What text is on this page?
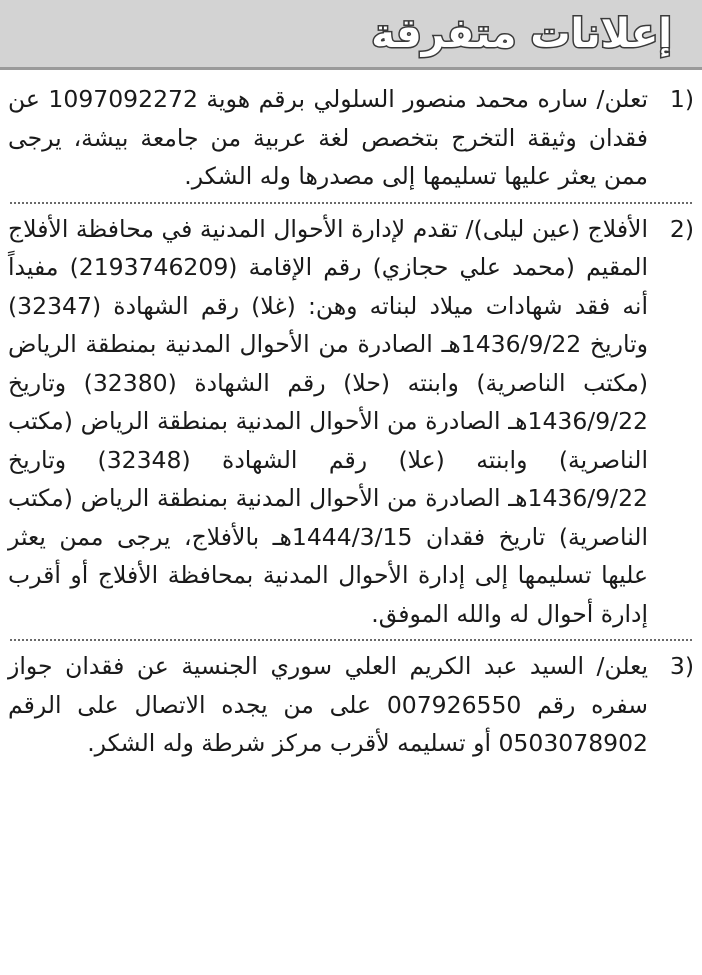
إعلانات متفرقة
1)
تعلن/ ساره محمد منصور السلولي برقم هوية 1097092272 عن فقدان وثيقة التخرج بتخصص لغة عربية من جامعة بيشة، يرجى ممن يعثر عليها تسليمها إلى مصدرها وله الشكر.
2)
الأفلاج (عين ليلى)/ تقدم لإدارة الأحوال المدنية في محافظة الأفلاج المقيم (محمد علي حجازي) رقم الإقامة (2193746209) مفيداً أنه فقد شهادات ميلاد لبناته وهن: (غلا) رقم الشهادة (32347) وتاريخ 1436/9/22هـ الصادرة من الأحوال المدنية بمنطقة الرياض (مكتب الناصرية) وابنته (حلا) رقم الشهادة (32380) وتاريخ 1436/9/22هـ الصادرة من الأحوال المدنية بمنطقة الرياض (مكتب الناصرية) وابنته (علا) رقم الشهادة (32348) وتاريخ 1436/9/22هـ الصادرة من الأحوال المدنية بمنطقة الرياض (مكتب الناصرية) تاريخ فقدان 1444/3/15هـ بالأفلاج، يرجى ممن يعثر عليها تسليمها إلى إدارة الأحوال المدنية بمحافظة الأفلاج أو أقرب إدارة أحوال له والله الموفق.
3)
يعلن/ السيد عبد الكريم العلي سوري الجنسية عن فقدان جواز سفره رقم 007926550 على من يجده الاتصال على الرقم 0503078902 أو تسليمه لأقرب مركز شرطة وله الشكر.
